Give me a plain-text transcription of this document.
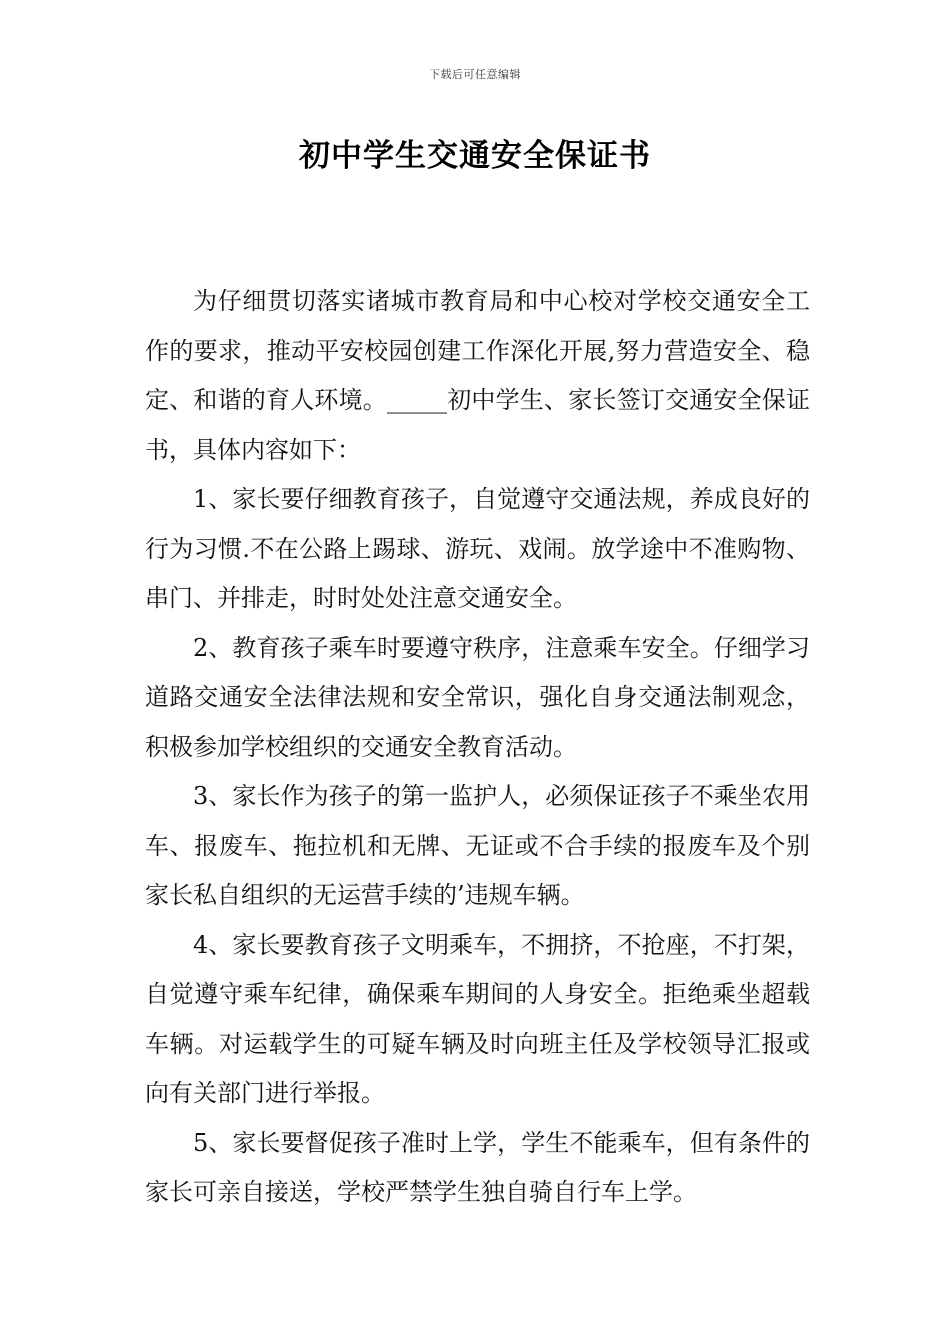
下载后可任意编辑
初中学生交通安全保证书

为仔细贯切落实诸城市教育局和中心校对学校交通安全工作的要求，推动平安校园创建工作深化开展,努力营造安全、稳定、和谐的育人环境。_____初中学生、家长签订交通安全保证书，具体内容如下：

1、家长要仔细教育孩子，自觉遵守交通法规，养成良好的行为习惯.不在公路上踢球、游玩、戏闹。放学途中不准购物、串门、并排走，时时处处注意交通安全。

2、教育孩子乘车时要遵守秩序，注意乘车安全。仔细学习道路交通安全法律法规和安全常识，强化自身交通法制观念，积极参加学校组织的交通安全教育活动。

3、家长作为孩子的第一监护人，必须保证孩子不乘坐农用车、报废车、拖拉机和无牌、无证或不合手续的报废车及个别家长私自组织的无运营手续的’违规车辆。

4、家长要教育孩子文明乘车，不拥挤，不抢座，不打架，自觉遵守乘车纪律，确保乘车期间的人身安全。拒绝乘坐超载车辆。对运载学生的可疑车辆及时向班主任及学校领导汇报或向有关部门进行举报。

5、家长要督促孩子准时上学，学生不能乘车，但有条件的家长可亲自接送，学校严禁学生独自骑自行车上学。
